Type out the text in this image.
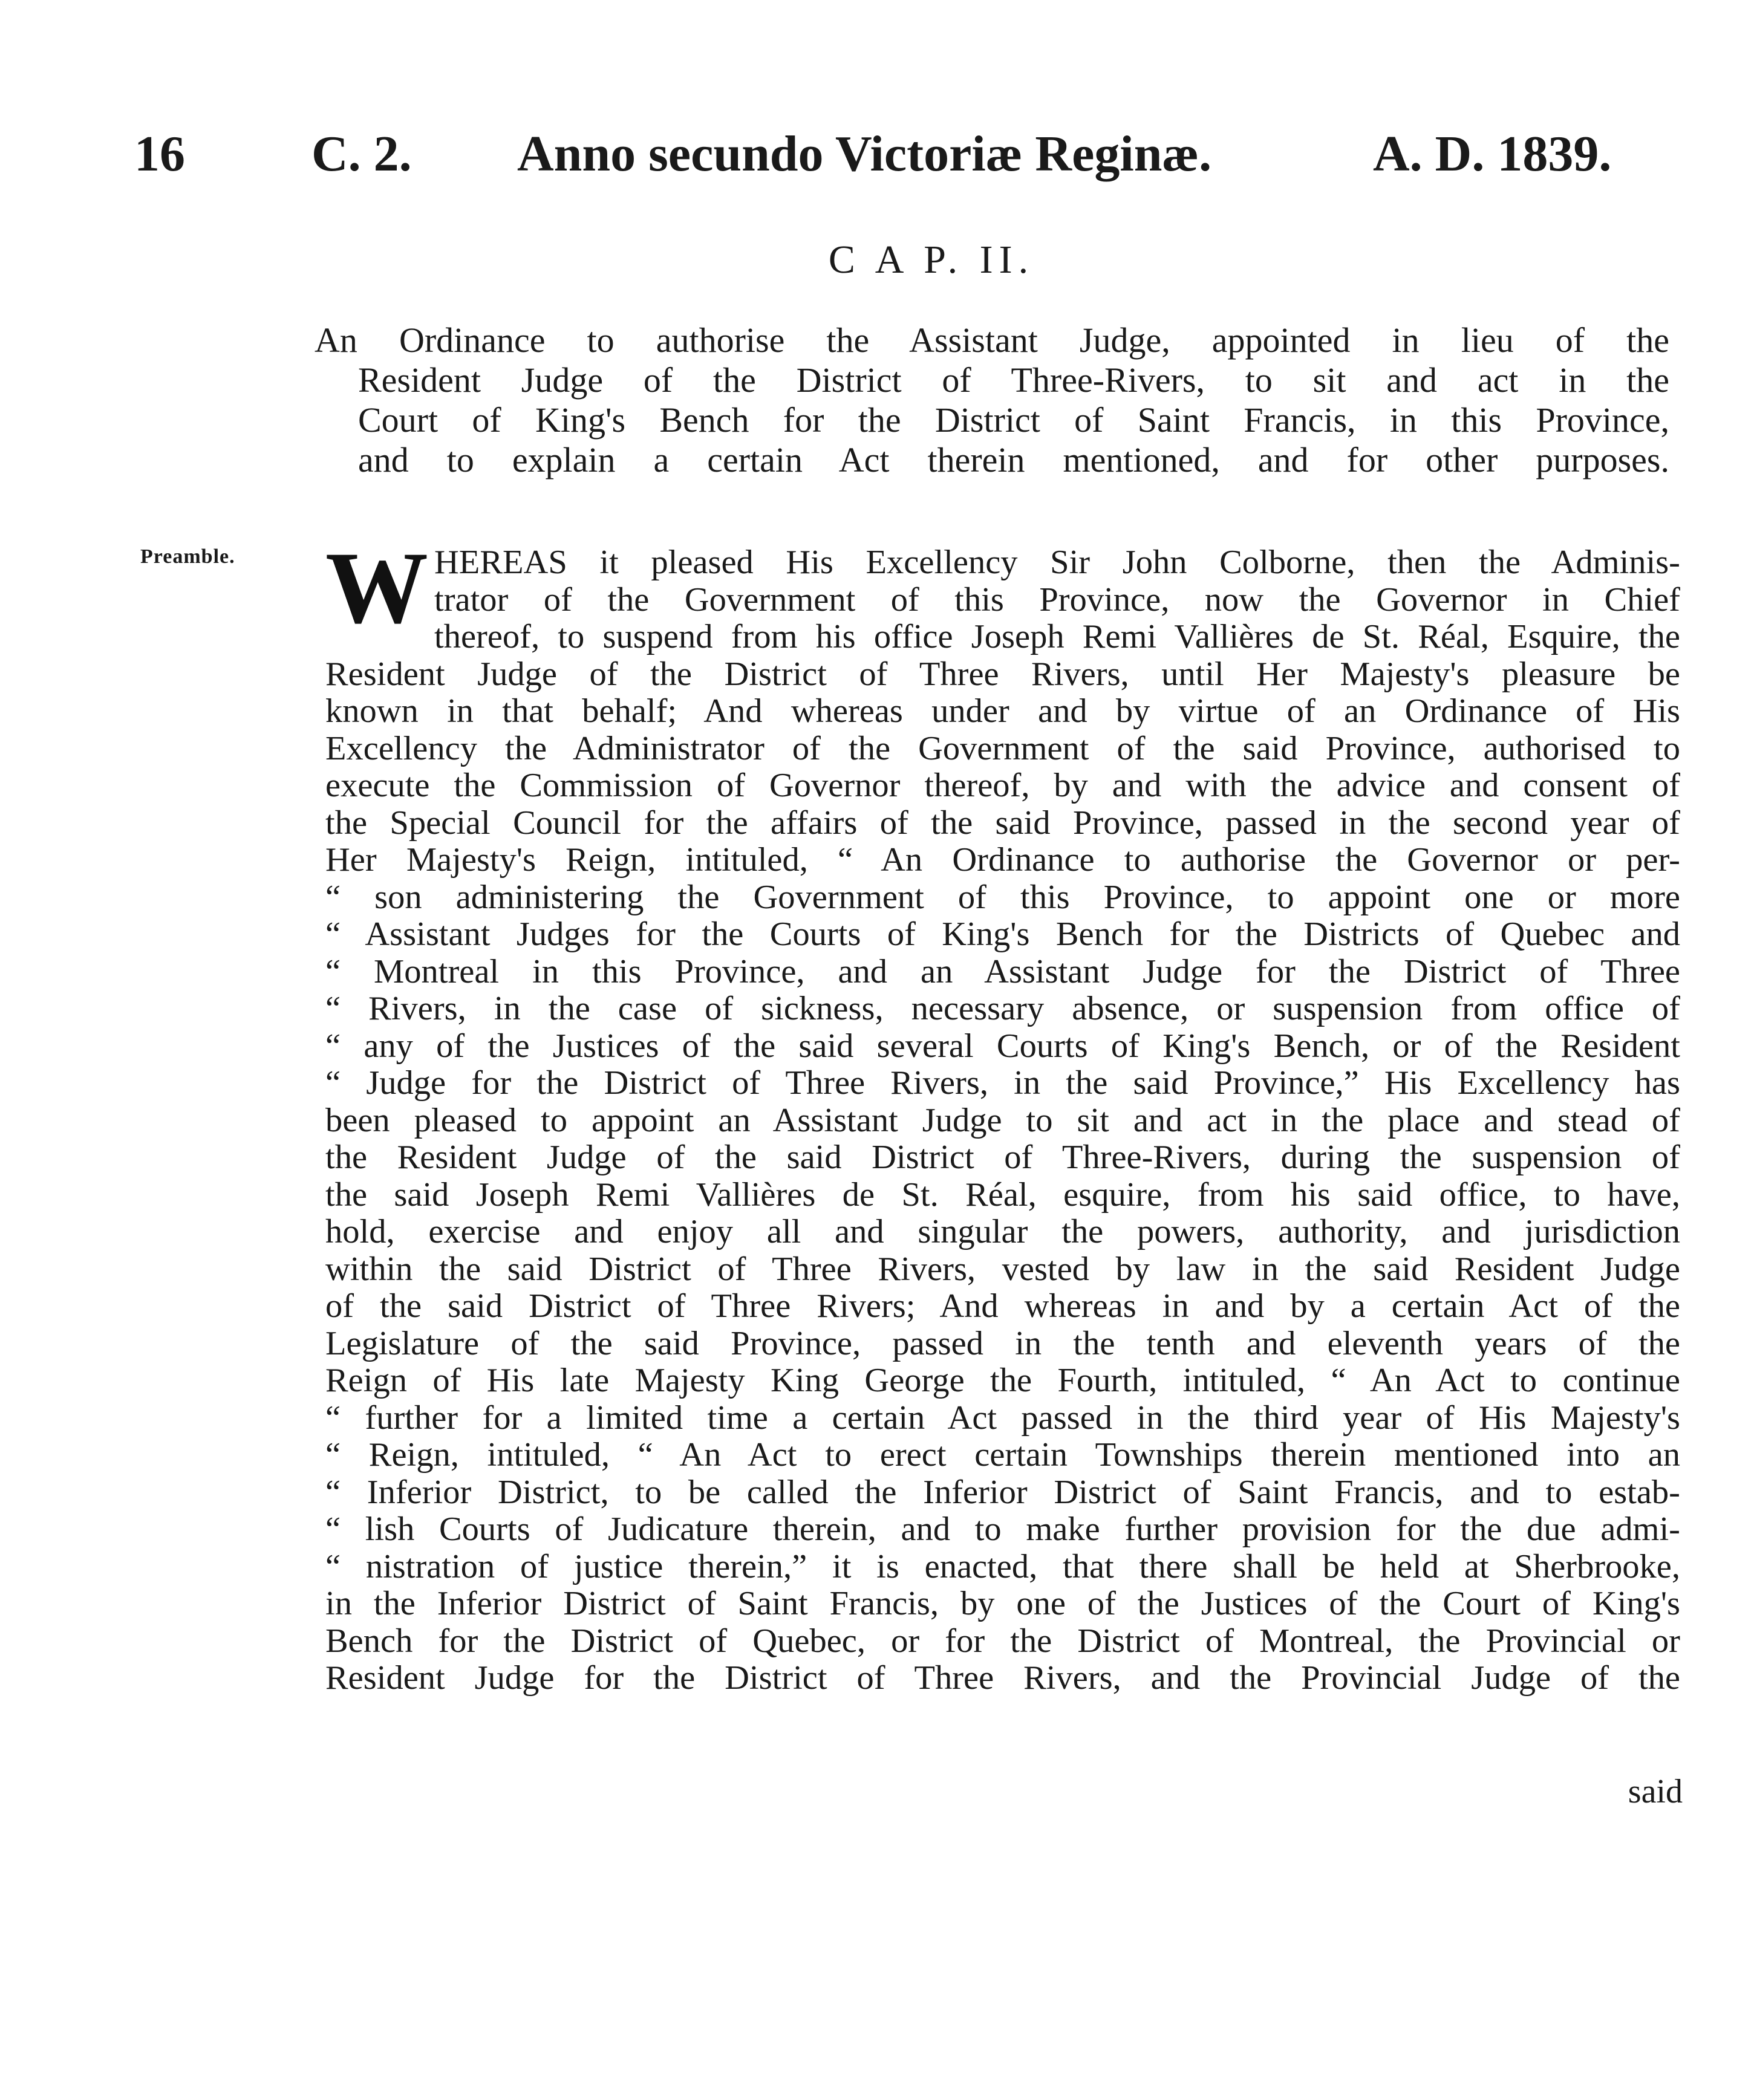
16 C. 2. Anno secundo Victoriæ Reginæ.	A. D. 1839.
C A P. II.
An Ordinance to authorise the Assistant Judge, appointed in lieu of the
Resident Judge of the District of Three-Rivers, to sit and act in the
Court of King's Bench for the District of Saint Francis, in this Province,
and to explain a certain Act therein mentioned, and for other purposes.
Preamble. W HEREAS it pleased His Excellency Sir John Colborne, then the Adminis-
trator of the Government of this Province, now the Governor in Chief
thereof, to suspend from his office Joseph Remi Vallières de St. Réal, Esquire, the
Resident Judge of the District of Three Rivers, until Her Majesty's pleasure be
known in that behalf; And whereas under and by virtue of an Ordinance of His
Excellency the Administrator of the Government of the said Province, authorised to
execute the Commission of Governor thereof, by and with the advice and consent of
the Special Council for the affairs of the said Province, passed in the second year of
Her Majesty's Reign, intituled, “ An Ordinance to authorise the Governor or per-
“ son administering the Government of this Province, to appoint one or more
“ Assistant Judges for the Courts of King's Bench for the Districts of Quebec and
“ Montreal in this Province, and an Assistant Judge for the District of Three
“ Rivers, in the case of sickness, necessary absence, or suspension from office of
“ any of the Justices of the said several Courts of King's Bench, or of the Resident
“ Judge for the District of Three Rivers, in the said Province,” His Excellency has
been pleased to appoint an Assistant Judge to sit and act in the place and stead of
the Resident Judge of the said District of Three-Rivers, during the suspension of
the said Joseph Remi Vallières de St. Réal, esquire, from his said office, to have,
hold, exercise and enjoy all and singular the powers, authority, and jurisdiction
within the said District of Three Rivers, vested by law in the said Resident Judge
of the said District of Three Rivers; And whereas in and by a certain Act of the
Legislature of the said Province, passed in the tenth and eleventh years of the
Reign of His late Majesty King George the Fourth, intituled, “ An Act to continue
“ further for a limited time a certain Act passed in the third year of His Majesty's
“ Reign, intituled, “ An Act to erect certain Townships therein mentioned into an
“ Inferior District, to be called the Inferior District of Saint Francis, and to estab-
“ lish Courts of Judicature therein, and to make further provision for the due admi-
“ nistration of justice therein,” it is enacted, that there shall be held at Sherbrooke,
in the Inferior District of Saint Francis, by one of the Justices of the Court of King's
Bench for the District of Quebec, or for the District of Montreal, the Provincial or
Resident Judge for the District of Three Rivers, and the Provincial Judge of the
said
